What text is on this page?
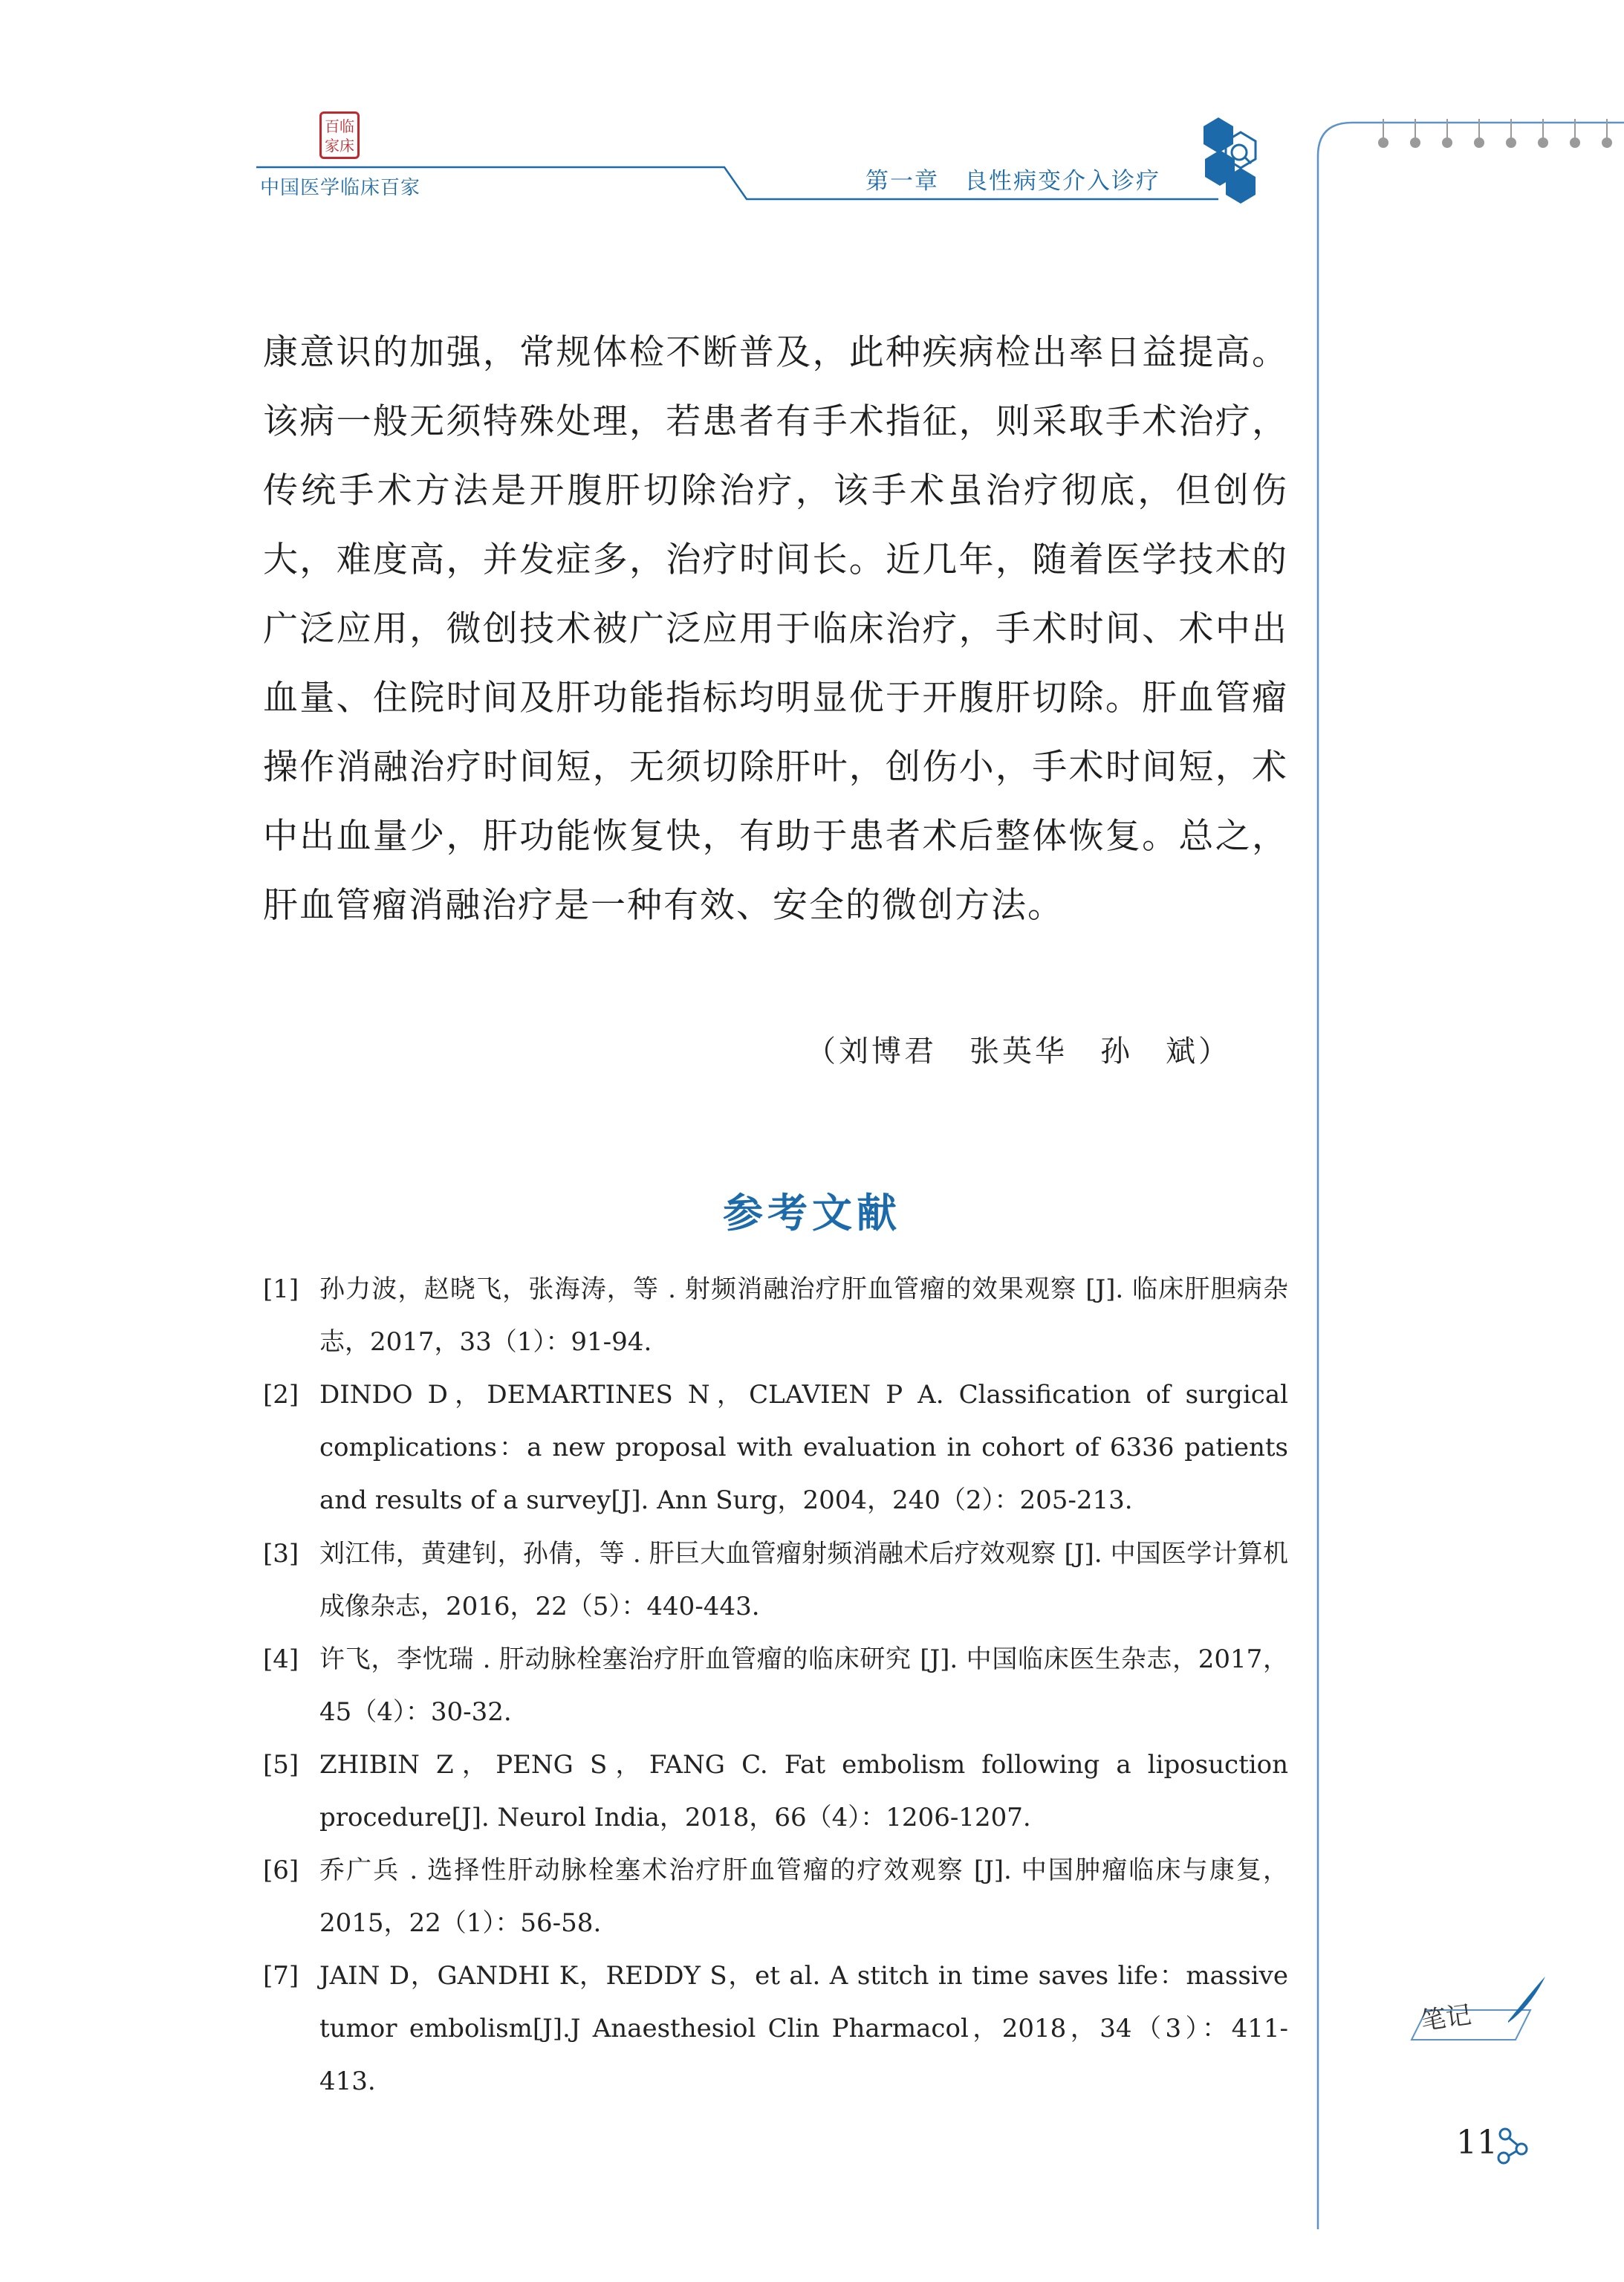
百临
家床
中国医学临床百家	第一章 良性病变介入诊疗

康意识的加强，常规体检不断普及，此种疾病检出率日益提高。该病一般无须特殊处理，若患者有手术指征，则采取手术治疗，传统手术方法是开腹肝切除治疗，该手术虽治疗彻底，但创伤大，难度高，并发症多，治疗时间长。近几年，随着医学技术的广泛应用，微创技术被广泛应用于临床治疗，手术时间、术中出血量、住院时间及肝功能指标均明显优于开腹肝切除。肝血管瘤操作消融治疗时间短，无须切除肝叶，创伤小，手术时间短，术中出血量少，肝功能恢复快，有助于患者术后整体恢复。总之，肝血管瘤消融治疗是一种有效、安全的微创方法。

（刘博君　张英华　孙　斌）
参考文献
[1] 孙力波，赵晓飞，张海涛，等 . 射频消融治疗肝血管瘤的效果观察 [J]. 临床肝胆病杂志，2017，33（1）：91-94.
[2] DINDO D，DEMARTINES N，CLAVIEN P A. Classification of surgical complications：a new proposal with evaluation in cohort of 6336 patients and results of a survey[J]. Ann Surg，2004，240（2）：205-213.
[3] 刘江伟，黄建钊，孙倩，等 . 肝巨大血管瘤射频消融术后疗效观察 [J]. 中国医学计算机成像杂志，2016，22（5）：440-443.
[4] 许飞，李忱瑞 . 肝动脉栓塞治疗肝血管瘤的临床研究 [J]. 中国临床医生杂志，2017，45（4）：30-32.
[5] ZHIBIN Z，PENG S，FANG C. Fat embolism following a liposuction procedure[J]. Neurol India，2018，66（4）：1206-1207.
[6] 乔广兵 . 选择性肝动脉栓塞术治疗肝血管瘤的疗效观察 [J]. 中国肿瘤临床与康复，2015，22（1）：56-58.
[7] JAIN D，GANDHI K，REDDY S，et al. A stitch in time saves life：massive tumor embolism[J].J Anaesthesiol Clin Pharmacol，2018，34（3）：411-413.
笔记
11
